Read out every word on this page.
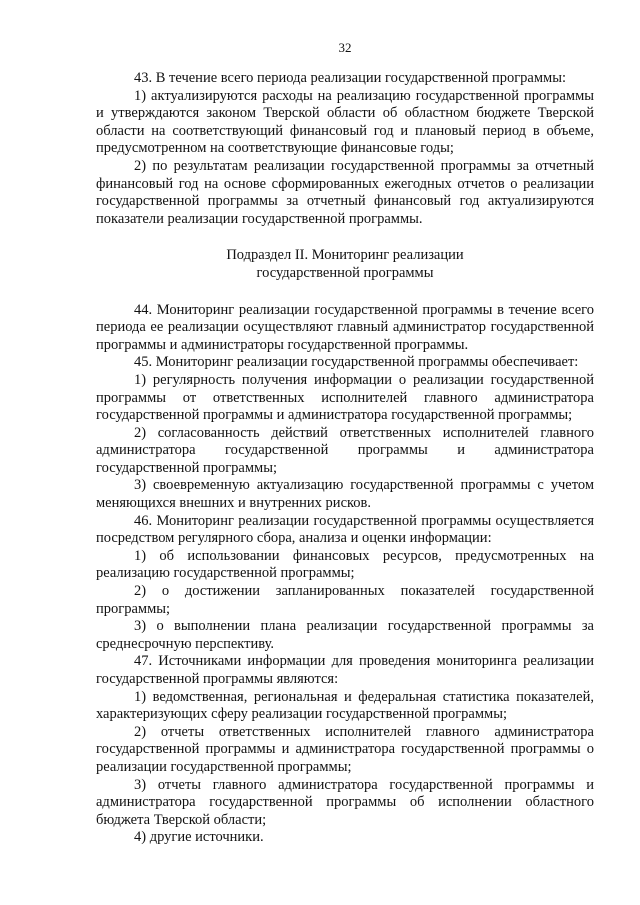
32

43. В течение всего периода реализации государственной программы:

1) актуализируются расходы на реализацию государственной программы и утверждаются законом Тверской области об областном бюджете Тверской области на соответствующий финансовый год и плановый период в объеме, предусмотренном на соответствующие финансовые годы;

2) по результатам реализации государственной программы за отчетный финансовый год на основе сформированных ежегодных отчетов о реализации государственной программы за отчетный финансовый год актуализируются показатели реализации государственной программы.

Подраздел II. Мониторинг реализации
государственной программы

44. Мониторинг реализации государственной программы в течение всего периода ее реализации осуществляют главный администратор государственной программы и администраторы государственной программы.

45. Мониторинг реализации государственной программы обеспечивает:

1) регулярность получения информации о реализации государственной программы от ответственных исполнителей главного администратора государственной программы и администратора государственной программы;

2) согласованность действий ответственных исполнителей главного администратора государственной программы и администратора государственной программы;

3) своевременную актуализацию государственной программы с учетом меняющихся внешних и внутренних рисков.

46. Мониторинг реализации государственной программы осуществляется посредством регулярного сбора, анализа и оценки информации:

1) об использовании финансовых ресурсов, предусмотренных на реализацию государственной программы;

2) о достижении запланированных показателей государственной программы;

3) о выполнении плана реализации государственной программы за среднесрочную перспективу.

47. Источниками информации для проведения мониторинга реализации государственной программы являются:

1) ведомственная, региональная и федеральная статистика показателей, характеризующих сферу реализации государственной программы;

2) отчеты ответственных исполнителей главного администратора государственной программы и администратора государственной программы о реализации государственной программы;

3) отчеты главного администратора государственной программы и администратора государственной программы об исполнении областного бюджета Тверской области;

4) другие источники.
